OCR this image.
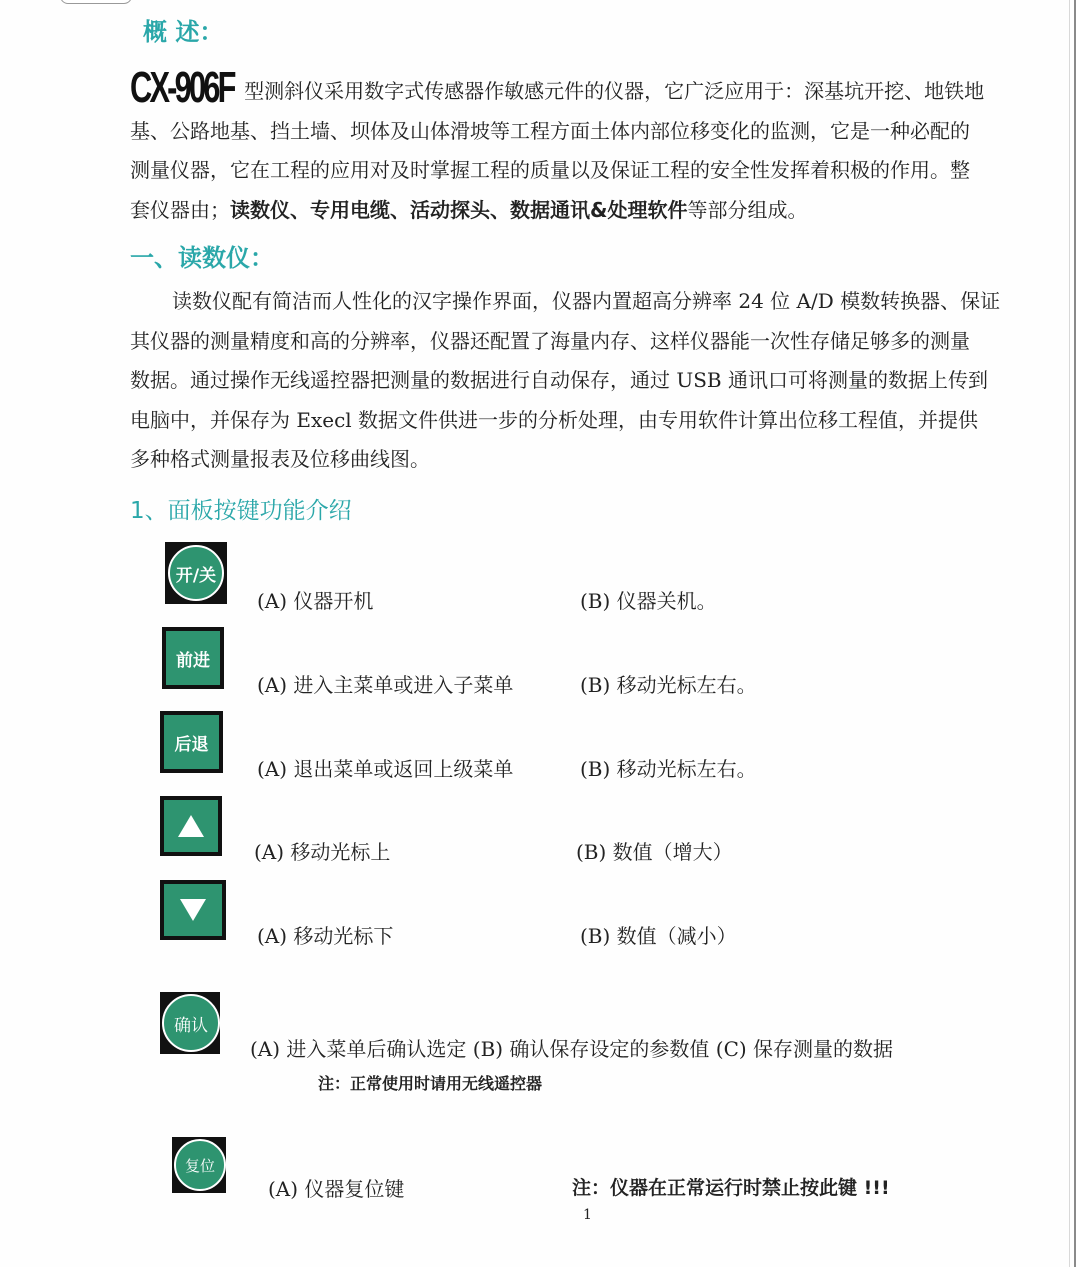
概 述：
CX-906F 型测斜仪采用数字式传感器作敏感元件的仪器，它广泛应用于：深基坑开挖、地铁地
基、公路地基、挡土墙、坝体及山体滑坡等工程方面土体内部位移变化的监测，它是一种必配的
测量仪器，它在工程的应用对及时掌握工程的质量以及保证工程的安全性发挥着积极的作用。整
套仪器由；读数仪、专用电缆、活动探头、数据通讯&处理软件等部分组成。
一、读数仪：
读数仪配有简洁而人性化的汉字操作界面，仪器内置超高分辨率 24 位 A/D 模数转换器、保证
其仪器的测量精度和高的分辨率，仪器还配置了海量内存、这样仪器能一次性存储足够多的测量
数据。通过操作无线遥控器把测量的数据进行自动保存，通过 USB 通讯口可将测量的数据上传到
电脑中，并保存为 Execl 数据文件供进一步的分析处理，由专用软件计算出位移工程值，并提供
多种格式测量报表及位移曲线图。
1、面板按键功能介绍
开/关
(A) 仪器开机	(B) 仪器关机。
前进
(A) 进入主菜单或进入子菜单	(B) 移动光标左右。
后退
(A) 退出菜单或返回上级菜单	(B) 移动光标左右。
(A) 移动光标上	(B) 数值（增大）
(A) 移动光标下	(B) 数值（减小）
确认
(A) 进入菜单后确认选定 (B) 确认保存设定的参数值 (C) 保存测量的数据
注：正常使用时请用无线遥控器
复位
(A) 仪器复位键	注：仪器在正常运行时禁止按此键 !!!
1
